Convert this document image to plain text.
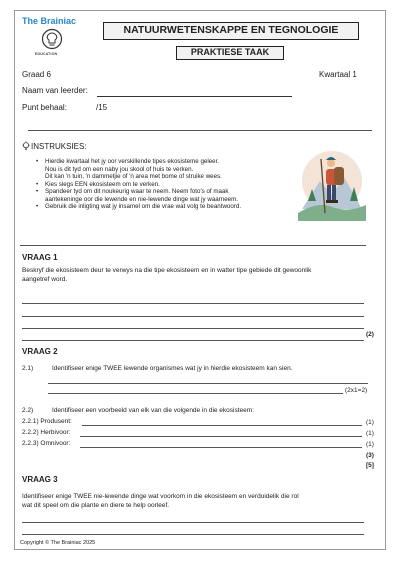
The Brainiac
EDUCATION
NATUURWETENSKAPPE EN TEGNOLOGIE
PRAKTIESE TAAK
Graad 6	Kwartaal 1
Naam van leerder:
Punt behaal:	/15
INSTRUKSIES:
• Hierdie kwartaal het jy oor verskillende tipes ekosisteme geleer.
Nou is dit tyd om een naby jou skool of huis te verken.
Dit kan 'n tuin, 'n dammetjie of 'n area met bome of struike wees.
• Kies slegs EEN ekosisteem om te verken.
• Spandeer tyd om dit noukeurig waar te neem. Neem foto's of maak
aantekeninge oor die lewende en nie-lewende dinge wat jy waarneem.
• Gebruik die inligting wat jy insamel om die vrae wat volg te beantwoord.
VRAAG 1
Beskryf die ekosisteem deur te verwys na die tipe ekosisteem en in watter tipe gebiede dit gewoonlik
aangetref word.
(2)
VRAAG 2
2.1)	Identifiseer enige TWEE lewende organismes wat jy in hierdie ekosisteem kan sien.
(2x1=2)
2.2)	Identifiseer een voorbeeld van elk van die volgende in die ekosisteem:
2.2.1) Produsent:	(1)
2.2.2) Herbivoor:	(1)
2.2.3) Omnivoor:	(1)
(3)
[5]
VRAAG 3
Identifiseer enige TWEE nie-lewende dinge wat voorkom in die ekosisteem en verduidelik die rol
wat dit speel om die plante en diere te help oorleef.
Copyright © The Brainiac 2025
